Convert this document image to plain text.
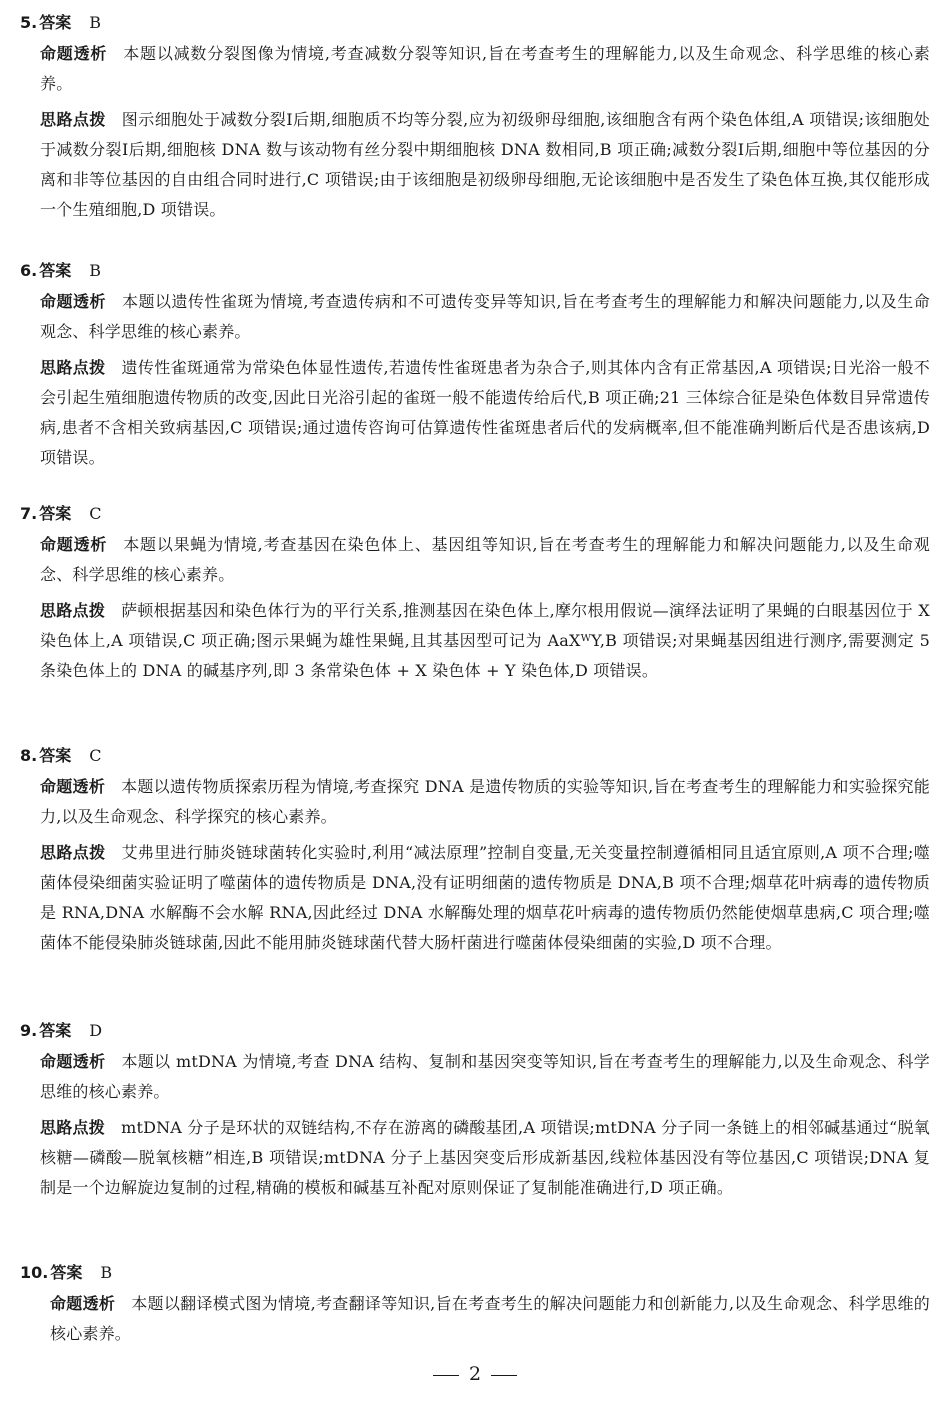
5. 答案 B
命题透析 本题以减数分裂图像为情境,考查减数分裂等知识,旨在考查考生的理解能力,以及生命观念、科学思维的核心素养。
思路点拨 图示细胞处于减数分裂Ⅰ后期,细胞质不均等分裂,应为初级卵母细胞,该细胞含有两个染色体组,A 项错误;该细胞处于减数分裂Ⅰ后期,细胞核 DNA 数与该动物有丝分裂中期细胞核 DNA 数相同,B 项正确;减数分裂Ⅰ后期,细胞中等位基因的分离和非等位基因的自由组合同时进行,C 项错误;由于该细胞是初级卵母细胞,无论该细胞中是否发生了染色体互换,其仅能形成一个生殖细胞,D 项错误。
6. 答案 B
命题透析 本题以遗传性雀斑为情境,考查遗传病和不可遗传变异等知识,旨在考查考生的理解能力和解决问题能力,以及生命观念、科学思维的核心素养。
思路点拨 遗传性雀斑通常为常染色体显性遗传,若遗传性雀斑患者为杂合子,则其体内含有正常基因,A 项错误;日光浴一般不会引起生殖细胞遗传物质的改变,因此日光浴引起的雀斑一般不能遗传给后代,B 项正确;21 三体综合征是染色体数目异常遗传病,患者不含相关致病基因,C 项错误;通过遗传咨询可估算遗传性雀斑患者后代的发病概率,但不能准确判断后代是否患该病,D 项错误。
7. 答案 C
命题透析 本题以果蝇为情境,考查基因在染色体上、基因组等知识,旨在考查考生的理解能力和解决问题能力,以及生命观念、科学思维的核心素养。
思路点拨 萨顿根据基因和染色体行为的平行关系,推测基因在染色体上,摩尔根用假说—演绎法证明了果蝇的白眼基因位于 X 染色体上,A 项错误,C 项正确;图示果蝇为雄性果蝇,且其基因型可记为 AaXᵂY,B 项错误;对果蝇基因组进行测序,需要测定 5 条染色体上的 DNA 的碱基序列,即 3 条常染色体 + X 染色体 + Y 染色体,D 项错误。
8. 答案 C
命题透析 本题以遗传物质探索历程为情境,考查探究 DNA 是遗传物质的实验等知识,旨在考查考生的理解能力和实验探究能力,以及生命观念、科学探究的核心素养。
思路点拨 艾弗里进行肺炎链球菌转化实验时,利用“减法原理”控制自变量,无关变量控制遵循相同且适宜原则,A 项不合理;噬菌体侵染细菌实验证明了噬菌体的遗传物质是 DNA,没有证明细菌的遗传物质是 DNA,B 项不合理;烟草花叶病毒的遗传物质是 RNA,DNA 水解酶不会水解 RNA,因此经过 DNA 水解酶处理的烟草花叶病毒的遗传物质仍然能使烟草患病,C 项合理;噬菌体不能侵染肺炎链球菌,因此不能用肺炎链球菌代替大肠杆菌进行噬菌体侵染细菌的实验,D 项不合理。
9. 答案 D
命题透析 本题以 mtDNA 为情境,考查 DNA 结构、复制和基因突变等知识,旨在考查考生的理解能力,以及生命观念、科学思维的核心素养。
思路点拨 mtDNA 分子是环状的双链结构,不存在游离的磷酸基团,A 项错误;mtDNA 分子同一条链上的相邻碱基通过“脱氧核糖—磷酸—脱氧核糖”相连,B 项错误;mtDNA 分子上基因突变后形成新基因,线粒体基因没有等位基因,C 项错误;DNA 复制是一个边解旋边复制的过程,精确的模板和碱基互补配对原则保证了复制能准确进行,D 项正确。
10. 答案 B
命题透析 本题以翻译模式图为情境,考查翻译等知识,旨在考查考生的解决问题能力和创新能力,以及生命观念、科学思维的核心素养。
2
